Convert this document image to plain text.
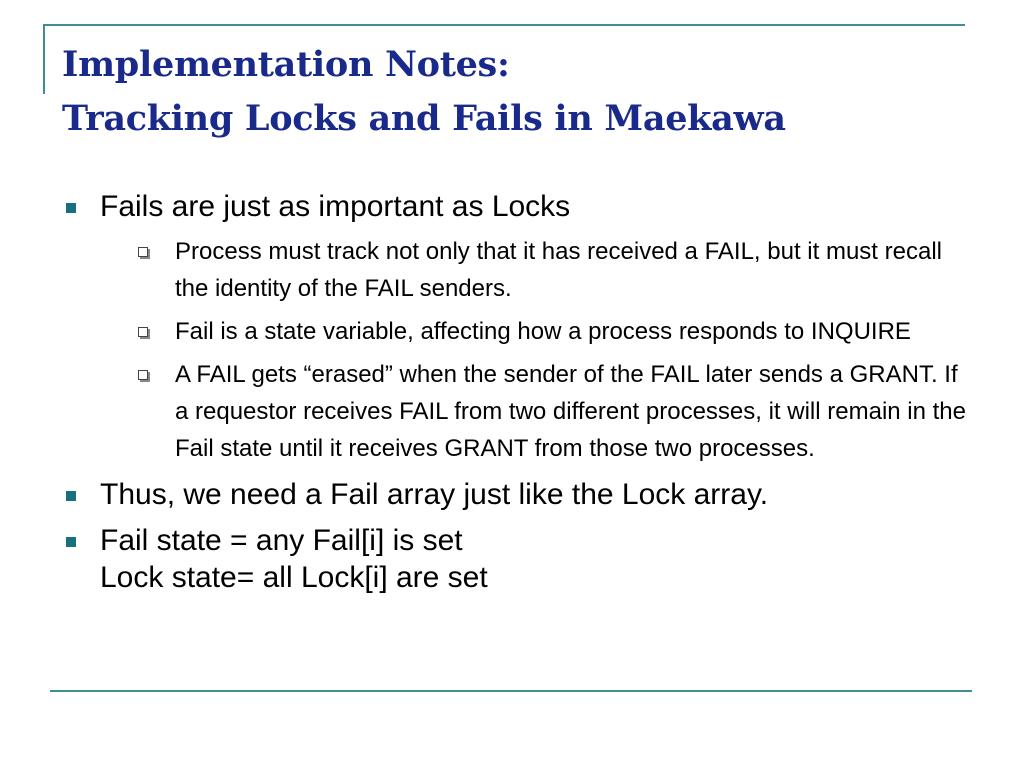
Implementation Notes:
Tracking Locks and Fails in Maekawa
Fails are just as important as Locks
Process must track not only that it has received a FAIL, but it must recall the identity of the FAIL senders.
Fail is a state variable, affecting how a process responds to INQUIRE
A FAIL gets “erased” when the sender of the FAIL later sends a GRANT. If a requestor receives FAIL from two different processes, it will remain in the Fail state until it receives GRANT from those two processes.
Thus, we need a Fail array just like the Lock array.
Fail state = any Fail[i] is set
Lock state= all Lock[i] are set
